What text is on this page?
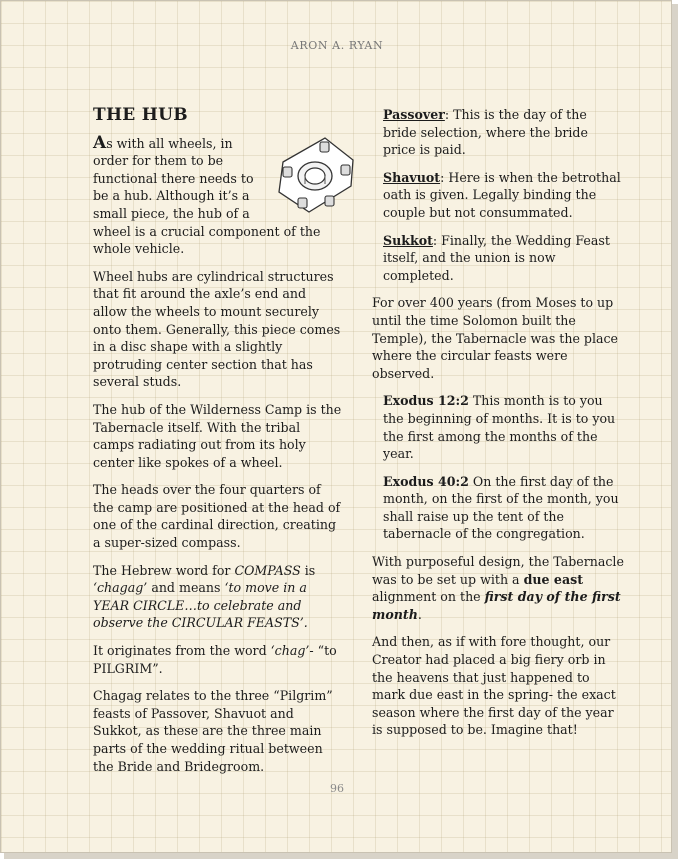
ARON A. RYAN
THE HUB

As with all wheels, in order for them to be functional there needs to be a hub. Although it’s a small piece, the hub of a wheel is a crucial component of the whole vehicle.

Wheel hubs are cylindrical structures that fit around the axle’s end and allow the wheels to mount securely onto them. Generally, this piece comes in a disc shape with a slightly protruding center section that has several studs.

The hub of the Wilderness Camp is the Tabernacle itself. With the tribal camps radiating out from its holy center like spokes of a wheel.

The heads over the four quarters of the camp are positioned at the head of one of the cardinal direction, creating a super-sized compass.

The Hebrew word for COMPASS is ‘chagag’ and means ‘to move in a YEAR CIRCLE…to celebrate and observe the CIRCULAR FEASTS’.

It originates from the word ‘chag’- “to PILGRIM”.

Chagag relates to the three “Pilgrim” feasts of Passover, Shavuot and Sukkot, as these are the three main parts of the wedding ritual between the Bride and Bridegroom.

Passover: This is the day of the bride selection, where the bride price is paid.

Shavuot: Here is when the betrothal oath is given. Legally binding the couple but not consummated.

Sukkot: Finally, the Wedding Feast itself, and the union is now completed.

For over 400 years (from Moses to up until the time Solomon built the Temple), the Tabernacle was the place where the circular feasts were observed.

Exodus 12:2 This month is to you the beginning of months. It is to you the first among the months of the year.

Exodus 40:2 On the first day of the month, on the first of the month, you shall raise up the tent of the tabernacle of the congregation.

With purposeful design, the Tabernacle was to be set up with a due east alignment on the first day of the first month.

And then, as if with fore thought, our Creator had placed a big fiery orb in the heavens that just happened to mark due east in the spring- the exact season where the first day of the year is supposed to be. Imagine that!

96
